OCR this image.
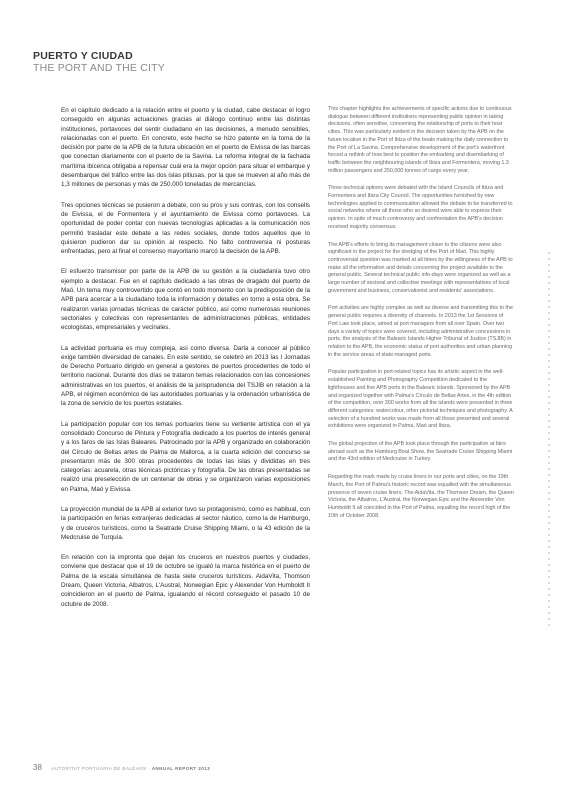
PUERTO Y CIUDAD
THE PORT AND THE CITY

En el capítulo dedicado a la relación entre el puerto y la ciudad, cabe destacar el logro conseguido en algunas actuaciones gracias al diálogo continuo entre las distintas instituciones, portavoces del sentir ciudadano en las decisiones, a menudo sensibles, relacionadas con el puerto. En concreto, este hecho se hizo patente en la toma de la decisión por parte de la APB de la futura ubicación en el puerto de Eivissa de las barcas que conectan diariamente con el puerto de la Savina. La reforma integral de la fachada marítima ibicenca obligaba a repensar cuál era la mejor opción para situar el embarque y desembarque del tráfico entre las dos islas pitiusas, por la que se mueven al año más de 1,3 millones de personas y más de 250.000 toneladas de mercancías.

Tres opciones técnicas se pusieron a debate, con su pros y sus contras, con los consells de Eivissa, el de Formentera y el ayuntamiento de Eivissa como portavoces. La oportunidad de poder contar con nuevas tecnologías aplicadas a la comunicación nos permitió trasladar este debate a las redes sociales, donde todos aquellos que lo quisieron pudieron dar su opinión al respecto. No falto controversia ni posturas enfrentadas, pero al final el consenso mayoritario marcó la decisión de la APB.

El esfuerzo transmisor por parte de la APB de su gestión a la ciudadanía tuvo otro ejemplo a destacar. Fue en el capítulo dedicado a las obras de dragado del puerto de Maó. Un tema muy controvertido que contó en todo momento con la predisposición de la APB para acercar a la ciudadano toda la información y detalles en torno a esta obra. Se realizaron varias jornadas técnicas de carácter público, así como numerosas reuniones sectoriales y colectivas con representantes de administraciones públicas, entidades ecologistas, empresariales y vecinales.

La actividad portuaria es muy compleja, así como diversa. Darla a conocer al público exige también diversidad de canales. En este sentido, se celebró en 2013 las I Jornadas de Derecho Portuario dirigido en general a gestores de puertos procedentes de todo el territorio nacional. Durante dos días se trataron temas relacionados con las concesiones administrativas en los puertos, el análisis de la jurisprudencia del TSJIB en relación a la APB, el régimen económico de las autoridades portuarias y la ordenación urbanística de la zona de servicio de los puertos estatales.

La participación popular con los temas portuarios tiene su vertiente artística con el ya consolidado Concurso de Pintura y Fotografía dedicado a los puertos de interés general y a los faros de las Islas Baleares. Patrocinado por la APB y organizado en colaboración del Círculo de Bellas artes de Palma de Mallorca, a la cuarta edición del concurso se presentaron más de 300 obras procedentes de todas las islas y divididas en tres categorías: acuarela, otras técnicas pictóricas y fotografía. De las obras presentadas se realizó una preselección de un centenar de obras y se organizaron varias exposiciones en Palma, Maó y Eivissa.

La proyección mundial de la APB al exterior tuvo su protagonismo, como es habitual, con la participación en ferias extranjeras dedicadas al sector náutico, como la de Hamburgo, y de cruceros turísticos, como la Seatrade Cruise Shipping Miami, o la 43 edición de la Medcruise de Turquía.

En relación con la impronta que dejan los cruceros en nuestros puertos y ciudades, conviene que destacar que el 19 de octubre se igualó la marca histórica en el puerto de Palma de la escala simultánea de hasta siete cruceros turísticos. AidaVita, Thomson Dream, Queen Victoria, Albatros, L'Austral, Norwegian Epic y Alexender Von Humboldt II coincidieron en el puerto de Palma, igualando el récord conseguido el pasado 10 de octubre de 2008.

This chapter highlights the achievements of specific actions due to continuous dialogue between different institutions representing public opinion in taking decisions, often sensitive, concerning the relationship of ports to their host cities. This was particularly evident in the decision taken by the APB on the future location in the Port of Ibiza of the boats making the daily connection to the Port of La Savina. Comprehensive development of the port's waterfront forced a rethink of how best to position the embarking and disembarking of traffic between the neighbouring islands of Ibiza and Formentera, moving 1.3 million passengers and 250,000 tonnes of cargo every year.

Three technical options were debated with the Island Councils of Ibiza and Formentera and Ibiza City Council. The opportunities furnished by new technologies applied to communication allowed the debate to be transferred to social networks where all those who so desired were able to express their opinion. In spite of much controversy and confrontation the APB's decision received majority consensus.

The APB's efforts to bring its management closer to the citizens were also significant in the project for the dredging of the Port of Maó. This highly controversial question was marked at all times by the willingness of the APB to make all the information and details concerning the project available to the general public. Several technical public info-days were organized as well as a large number of sectoral and collective meetings with representatives of local government and business, conservationist and residents' associations.

Port activities are highly complex as well as diverse and transmitting this to the general public requires a diversity of channels. In 2013 the 1st Sessions of Port Law took place, aimed at port managers from all over Spain. Over two days a variety of topics were covered, including administrative concessions in ports, the analysis of the Balearic Islands Higher Tribunal of Justice (TSJIB) in relation to the APB, the economic status of port authorities and urban planning in the service areas of state-managed ports.

Popular participation in port-related topics has its artistic aspect in the well-established Painting and Photography Competition dedicated to the lighthouses and five APB ports in the Balearic islands. Sponsored by the APB and organized together with Palma's Círculo de Bellas Artes, in the 4th edition of the competition, over 300 works from all the islands were presented in three different categories: watercolour, other pictorial techniques and photography. A selection of a hundred works was made from all those presented and several exhibitions were organized in Palma, Maó and Ibiza.

The global projection of the APB took place through the participation at fairs abroad such as the Hamburg Boat Show, the Seatrade Cruise Shipping Miami and the 43rd edition of Medcruise in Turkey.

Regarding the mark made by cruise liners in our ports and cities, on the 19th March, the Port of Palma's historic record was equalled with the simultaneous presence of seven cruise liners. The AidaVita, the Thomson Dream, the Queen Victoria, the Albatros, L'Austral, the Norwegian Epic and the Alexender Von Humboldt II all coincided in the Port of Palma, equalling the record high of the 10th of October 2008.

38 AUTORITAT PORTUÀRIA DE BALEARS · ANNUAL REPORT 2013
